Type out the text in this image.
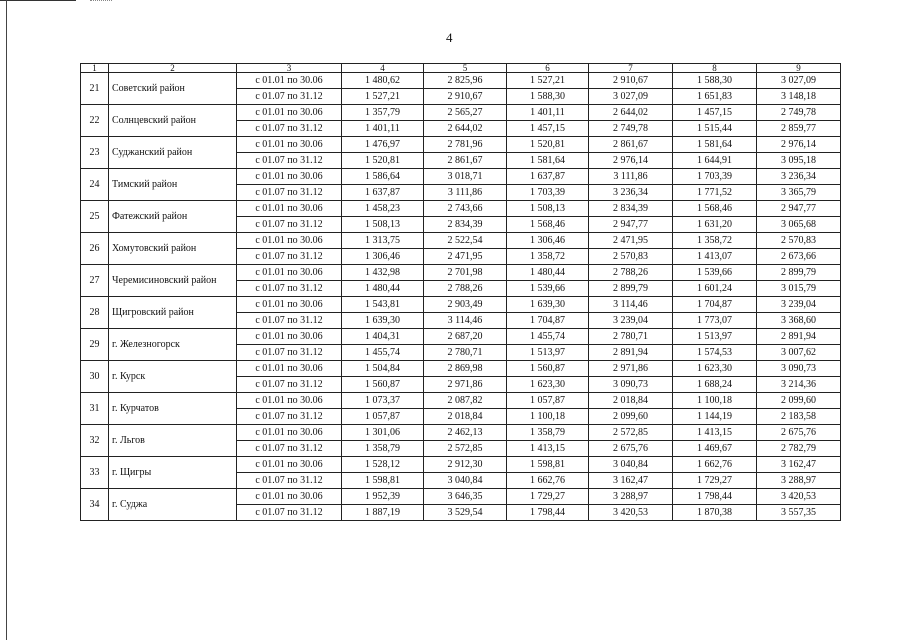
4
1	2	3	4	5	6	7	8	9
21	Советский район	с 01.01 по 30.06	1 480,62	2 825,96	1 527,21	2 910,67	1 588,30	3 027,09
		с 01.07 по 31.12	1 527,21	2 910,67	1 588,30	3 027,09	1 651,83	3 148,18
22	Солнцевский район	с 01.01 по 30.06	1 357,79	2 565,27	1 401,11	2 644,02	1 457,15	2 749,78
		с 01.07 по 31.12	1 401,11	2 644,02	1 457,15	2 749,78	1 515,44	2 859,77
23	Суджанский район	с 01.01 по 30.06	1 476,97	2 781,96	1 520,81	2 861,67	1 581,64	2 976,14
		с 01.07 по 31.12	1 520,81	2 861,67	1 581,64	2 976,14	1 644,91	3 095,18
24	Тимский район	с 01.01 по 30.06	1 586,64	3 018,71	1 637,87	3 111,86	1 703,39	3 236,34
		с 01.07 по 31.12	1 637,87	3 111,86	1 703,39	3 236,34	1 771,52	3 365,79
25	Фатежский район	с 01.01 по 30.06	1 458,23	2 743,66	1 508,13	2 834,39	1 568,46	2 947,77
		с 01.07 по 31.12	1 508,13	2 834,39	1 568,46	2 947,77	1 631,20	3 065,68
26	Хомутовский район	с 01.01 по 30.06	1 313,75	2 522,54	1 306,46	2 471,95	1 358,72	2 570,83
		с 01.07 по 31.12	1 306,46	2 471,95	1 358,72	2 570,83	1 413,07	2 673,66
27	Черемисиновский район	с 01.01 по 30.06	1 432,98	2 701,98	1 480,44	2 788,26	1 539,66	2 899,79
		с 01.07 по 31.12	1 480,44	2 788,26	1 539,66	2 899,79	1 601,24	3 015,79
28	Щигровский район	с 01.01 по 30.06	1 543,81	2 903,49	1 639,30	3 114,46	1 704,87	3 239,04
		с 01.07 по 31.12	1 639,30	3 114,46	1 704,87	3 239,04	1 773,07	3 368,60
29	г. Железногорск	с 01.01 по 30.06	1 404,31	2 687,20	1 455,74	2 780,71	1 513,97	2 891,94
		с 01.07 по 31.12	1 455,74	2 780,71	1 513,97	2 891,94	1 574,53	3 007,62
30	г. Курск	с 01.01 по 30.06	1 504,84	2 869,98	1 560,87	2 971,86	1 623,30	3 090,73
		с 01.07 по 31.12	1 560,87	2 971,86	1 623,30	3 090,73	1 688,24	3 214,36
31	г. Курчатов	с 01.01 по 30.06	1 073,37	2 087,82	1 057,87	2 018,84	1 100,18	2 099,60
		с 01.07 по 31.12	1 057,87	2 018,84	1 100,18	2 099,60	1 144,19	2 183,58
32	г. Льгов	с 01.01 по 30.06	1 301,06	2 462,13	1 358,79	2 572,85	1 413,15	2 675,76
		с 01.07 по 31.12	1 358,79	2 572,85	1 413,15	2 675,76	1 469,67	2 782,79
33	г. Щигры	с 01.01 по 30.06	1 528,12	2 912,30	1 598,81	3 040,84	1 662,76	3 162,47
		с 01.07 по 31.12	1 598,81	3 040,84	1 662,76	3 162,47	1 729,27	3 288,97
34	г. Суджа	с 01.01 по 30.06	1 952,39	3 646,35	1 729,27	3 288,97	1 798,44	3 420,53
		с 01.07 по 31.12	1 887,19	3 529,54	1 798,44	3 420,53	1 870,38	3 557,35
